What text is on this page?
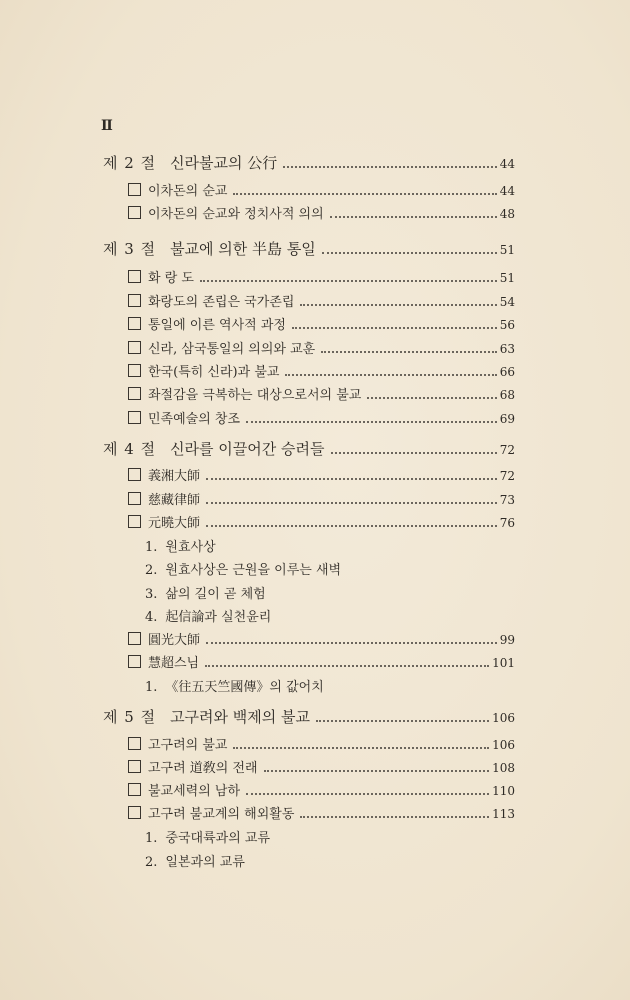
Ⅱ
제 2 절 신라불교의 公行	44
이차돈의 순교	44
이차돈의 순교와 정치사적 의의	48
제 3 절 불교에 의한 半島 통일	51
화 랑 도	51
화랑도의 존립은 국가존립	54
통일에 이른 역사적 과정	56
신라, 삼국통일의 의의와 교훈	63
한국(특히 신라)과 불교	66
좌절감을 극복하는 대상으로서의 불교	68
민족예술의 창조	69
제 4 절 신라를 이끌어간 승려들	72
義湘大師	72
慈藏律師	73
元曉大師	76
1. 원효사상
2. 원효사상은 근원을 이루는 새벽
3. 삶의 길이 곧 체험
4. 起信論과 실천윤리
圓光大師	99
慧超스님	101
1. 《往五天竺國傳》의 값어치
제 5 절 고구려와 백제의 불교	106
고구려의 불교	106
고구려 道敎의 전래	108
불교세력의 남하	110
고구려 불교계의 해외활동	113
1. 중국대륙과의 교류
2. 일본과의 교류
